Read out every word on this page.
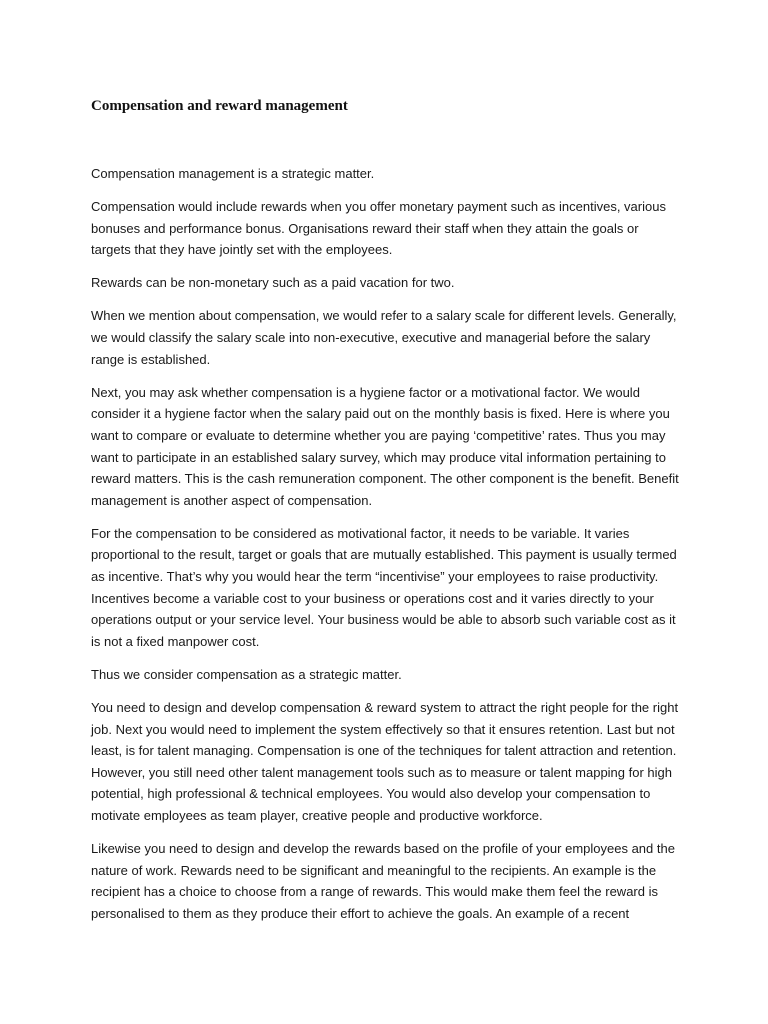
Compensation and reward management

Compensation management is a strategic matter.

Compensation would include rewards when you offer monetary payment such as incentives, various bonuses and performance bonus. Organisations reward their staff when they attain the goals or targets that they have jointly set with the employees.

Rewards can be non-monetary such as a paid vacation for two.

When we mention about compensation, we would refer to a salary scale for different levels. Generally, we would classify the salary scale into non-executive, executive and managerial before the salary range is established.

Next, you may ask whether compensation is a hygiene factor or a motivational factor. We would consider it a hygiene factor when the salary paid out on the monthly basis is fixed. Here is where you want to compare or evaluate to determine whether you are paying ‘competitive’ rates. Thus you may want to participate in an established salary survey, which may produce vital information pertaining to reward matters. This is the cash remuneration component. The other component is the benefit. Benefit management is another aspect of compensation.

For the compensation to be considered as motivational factor, it needs to be variable. It varies proportional to the result, target or goals that are mutually established. This payment is usually termed as incentive. That’s why you would hear the term “incentivise” your employees to raise productivity. Incentives become a variable cost to your business or operations cost and it varies directly to your operations output or your service level. Your business would be able to absorb such variable cost as it is not a fixed manpower cost.

Thus we consider compensation as a strategic matter.

You need to design and develop compensation & reward system to attract the right people for the right job. Next you would need to implement the system effectively so that it ensures retention. Last but not least, is for talent managing. Compensation is one of the techniques for talent attraction and retention. However, you still need other talent management tools such as to measure or talent mapping for high potential, high professional & technical employees. You would also develop your compensation to motivate employees as team player, creative people and productive workforce.

Likewise you need to design and develop the rewards based on the profile of your employees and the nature of work. Rewards need to be significant and meaningful to the recipients. An example is the recipient has a choice to choose from a range of rewards. This would make them feel the reward is personalised to them as they produce their effort to achieve the goals. An example of a recent
